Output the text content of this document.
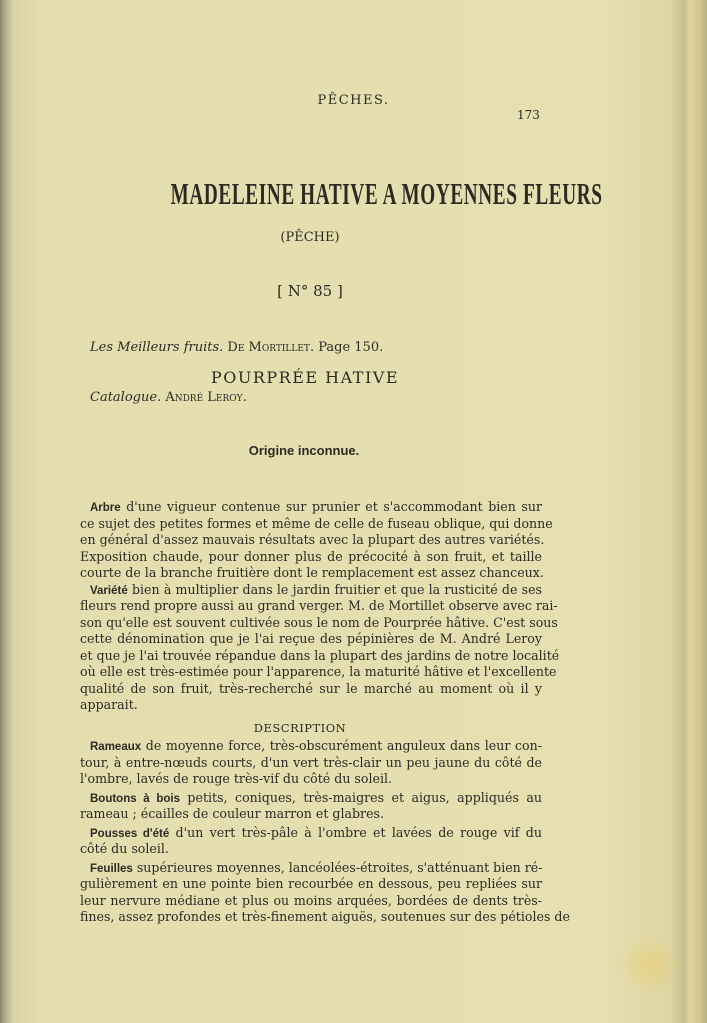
PÊCHES.
173
MADELEINE HATIVE A MOYENNES FLEURS
(PÊCHE)
[ N° 85 ]
Les Meilleurs fruits. De Mortillet. Page 150.
POURPRÉE HATIVE
Catalogue. André Leroy.
Origine inconnue.
Arbre d'une vigueur contenue sur prunier et s'accommodant bien sur
ce sujet des petites formes et même de celle de fuseau oblique, qui donne
en général d'assez mauvais résultats avec la plupart des autres variétés.
Exposition chaude, pour donner plus de précocité à son fruit, et taille
courte de la branche fruitière dont le remplacement est assez chanceux.
Variété bien à multiplier dans le jardin fruitier et que la rusticité de ses
fleurs rend propre aussi au grand verger. M. de Mortillet observe avec rai-
son qu'elle est souvent cultivée sous le nom de Pourprée hâtive. C'est sous
cette dénomination que je l'ai reçue des pépinières de M. André Leroy
et que je l'ai trouvée répandue dans la plupart des jardins de notre localité
où elle est très-estimée pour l'apparence, la maturité hâtive et l'excellente
qualité de son fruit, très-recherché sur le marché au moment où il y
apparait.
DESCRIPTION
Rameaux de moyenne force, très-obscurément anguleux dans leur con-
tour, à entre-nœuds courts, d'un vert très-clair un peu jaune du côté de
l'ombre, lavés de rouge très-vif du côté du soleil.
Boutons à bois petits, coniques, très-maigres et aigus, appliqués au
rameau ; écailles de couleur marron et glabres.
Pousses d'été d'un vert très-pâle à l'ombre et lavées de rouge vif du
côté du soleil.
Feuilles supérieures moyennes, lancéolées-étroites, s'atténuant bien ré-
gulièrement en une pointe bien recourbée en dessous, peu repliées sur
leur nervure médiane et plus ou moins arquées, bordées de dents très-
fines, assez profondes et très-finement aiguës, soutenues sur des pétioles de
